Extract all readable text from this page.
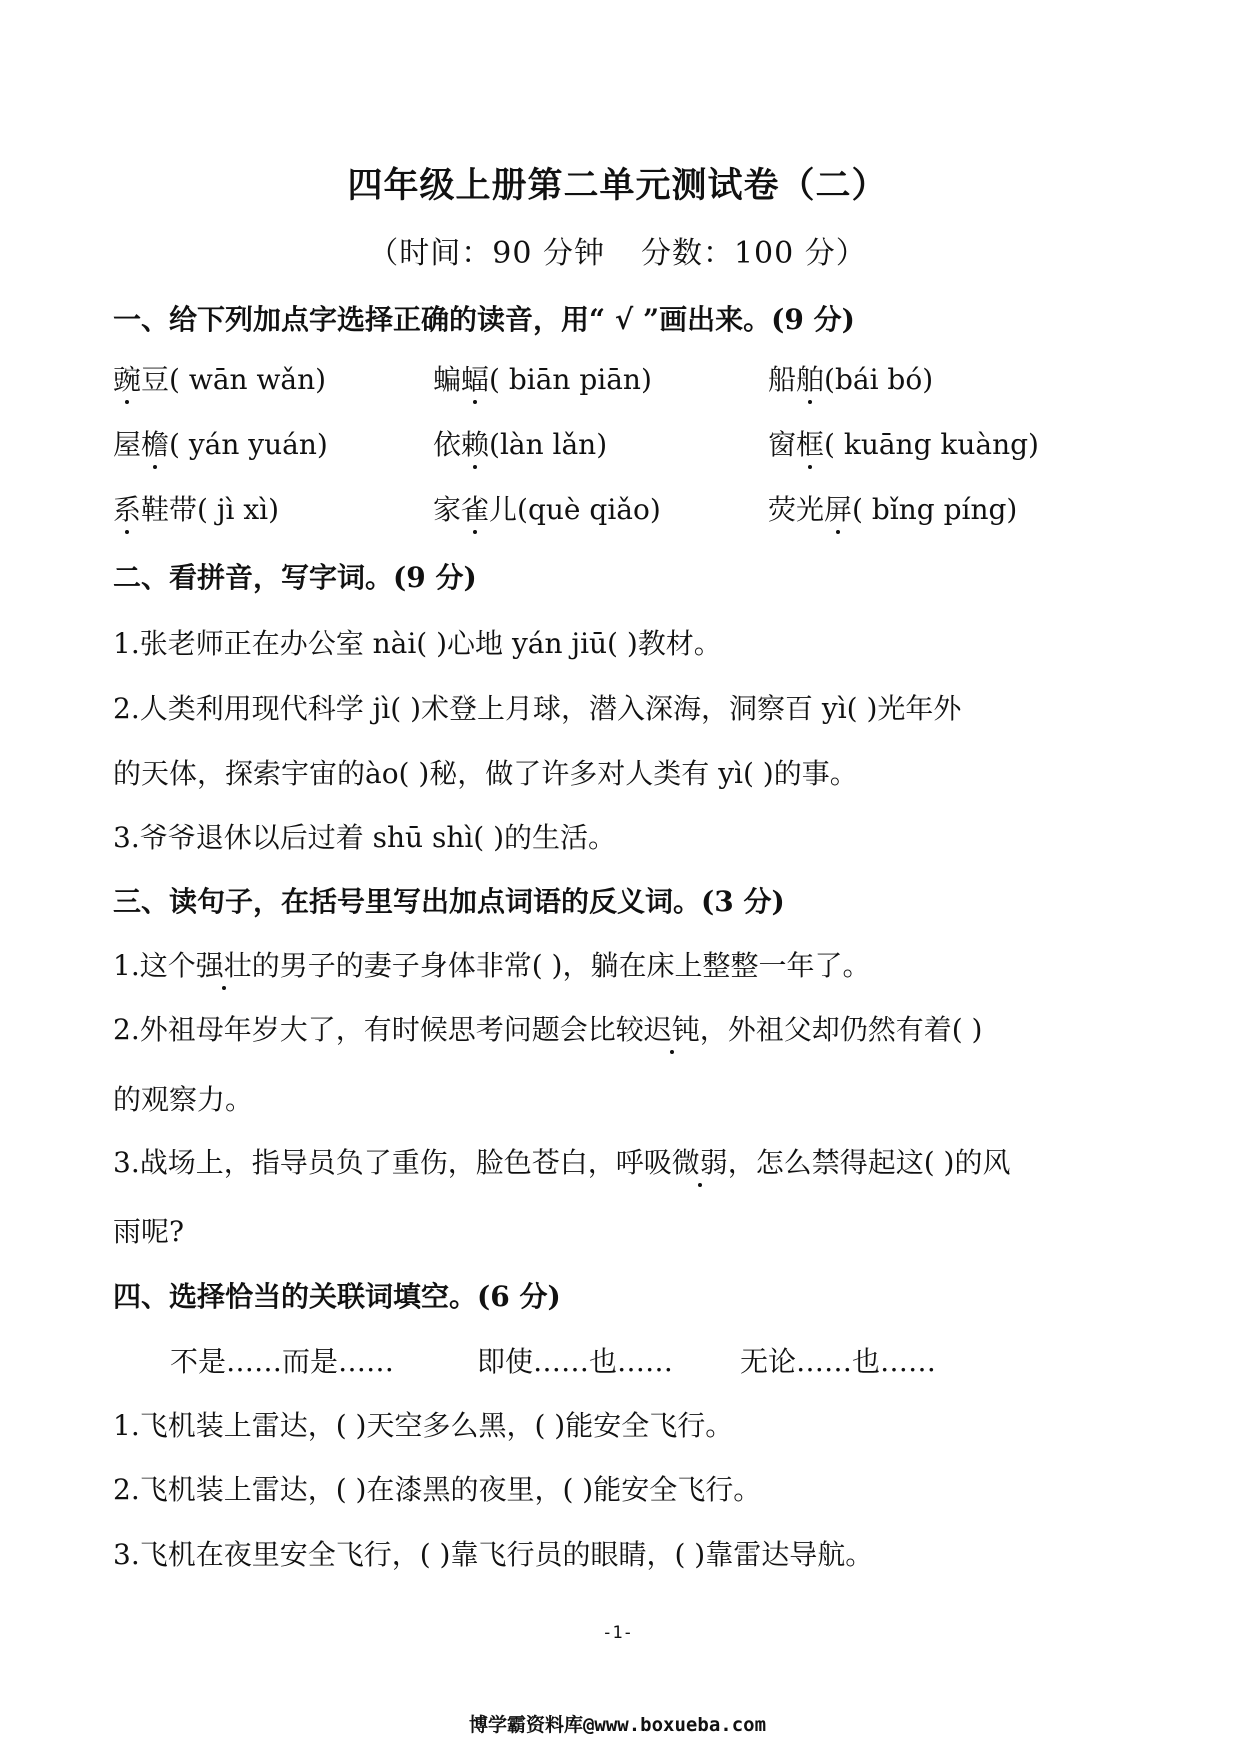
四年级上册第二单元测试卷（二）
（时间：90 分钟 分数：100 分）
一、给下列加点字选择正确的读音，用“ √ ”画出来。(9 分)
豌豆( wān wǎn)	蝙蝠( biān piān)	船舶(bái bó)
屋檐( yán yuán)	依赖(làn lǎn)	窗框( kuāng kuàng)
系鞋带( jì xì)	家雀儿(què qiǎo)	荧光屏( bǐng píng)
二、看拼音，写字词。(9 分)
1.张老师正在办公室 nài( )心地 yán jiū( )教材。
2.人类利用现代科学 jì( )术登上月球，潜入深海，洞察百 yì( )光年外
的天体，探索宇宙的ào( )秘，做了许多对人类有 yì( )的事。
3.爷爷退休以后过着 shū shì( )的生活。
三、读句子，在括号里写出加点词语的反义词。(3 分)
1.这个强壮的男子的妻子身体非常( )，躺在床上整整一年了。
2.外祖母年岁大了，有时候思考问题会比较迟钝，外祖父却仍然有着( )
的观察力。
3.战场上，指导员负了重伤，脸色苍白，呼吸微弱，怎么禁得起这( )的风
雨呢?
四、选择恰当的关联词填空。(6 分)
不是……而是……	即使……也…… 无论……也……
1.飞机装上雷达，( )天空多么黑，( )能安全飞行。
2.飞机装上雷达，( )在漆黑的夜里，( )能安全飞行。
3.飞机在夜里安全飞行，( )靠飞行员的眼睛，( )靠雷达导航。
-1-
博学霸资料库@www.boxueba.com
